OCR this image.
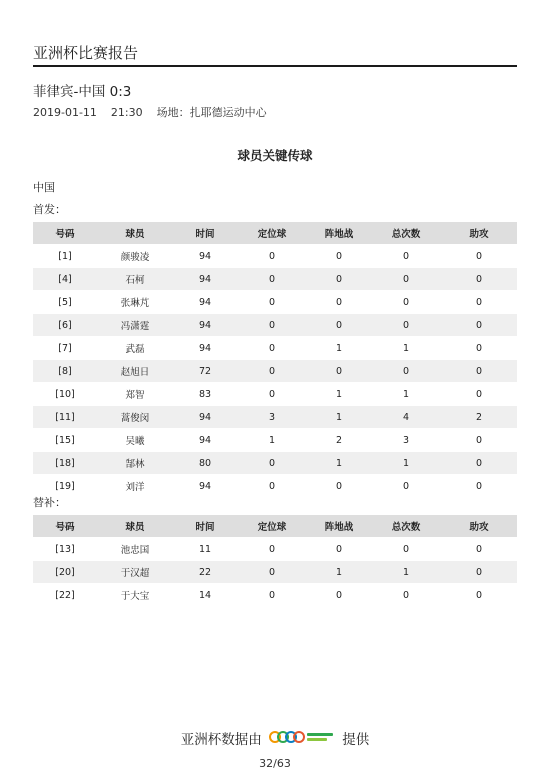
亚洲杯比赛报告
菲律宾-中国 0:3
2019-01-11    21:30    场地：扎耶德运动中心
球员关键传球
中国
首发：
号码	球员	时间	定位球	阵地战	总次数	助攻
[1]	颜骏凌	94	0	0	0	0
[4]	石柯	94	0	0	0	0
[5]	张琳芃	94	0	0	0	0
[6]	冯潇霆	94	0	0	0	0
[7]	武磊	94	0	1	1	0
[8]	赵旭日	72	0	0	0	0
[10]	郑智	83	0	1	1	0
[11]	蒿俊闵	94	3	1	4	2
[15]	吴曦	94	1	2	3	0
[18]	郜林	80	0	1	1	0
[19]	刘洋	94	0	0	0	0
替补：
号码	球员	时间	定位球	阵地战	总次数	助攻
[13]	池忠国	11	0	0	0	0
[20]	于汉超	22	0	1	1	0
[22]	于大宝	14	0	0	0	0
亚洲杯数据由	提供
32/63
